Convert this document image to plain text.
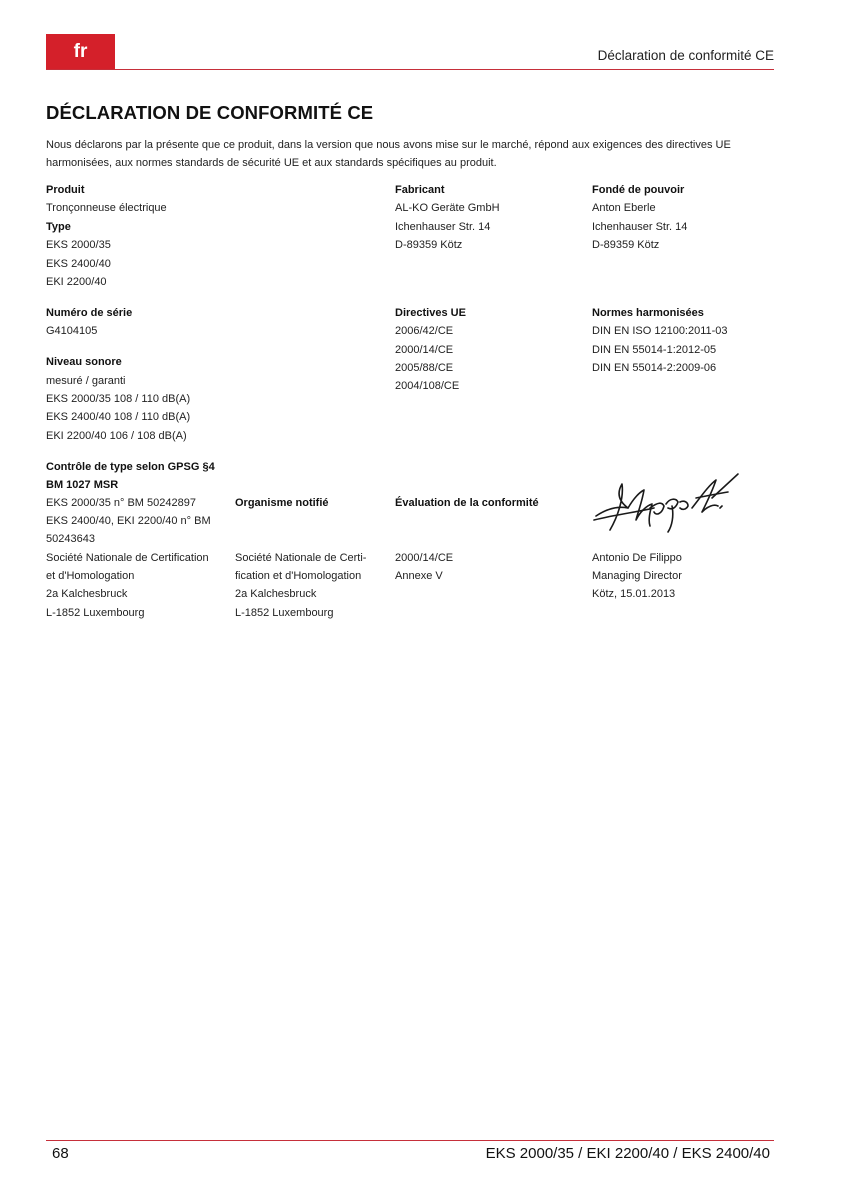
fr	Déclaration de conformité CE
DÉCLARATION DE CONFORMITÉ CE
Nous déclarons par la présente que ce produit, dans la version que nous avons mise sur le marché, répond aux exigences des directives UE harmonisées, aux normes standards de sécurité UE et aux standards spécifiques au produit.
Produit
Tronçonneuse électrique
Type
EKS 2000/35
EKS 2400/40
EKI 2200/40
Fabricant
AL-KO Geräte GmbH
Ichenhauser Str. 14
D-89359 Kötz
Fondé de pouvoir
Anton Eberle
Ichenhauser Str. 14
D-89359 Kötz
Numéro de série
G4104105
Directives UE
2006/42/CE
2000/14/CE
2005/88/CE
2004/108/CE
Normes harmonisées
DIN EN ISO 12100:2011-03
DIN EN 55014-1:2012-05
DIN EN 55014-2:2009-06
Niveau sonore
mesuré / garanti
EKS 2000/35 108 / 110 dB(A)
EKS 2400/40 108 / 110 dB(A)
EKI 2200/40 106 / 108 dB(A)
Contrôle de type selon GPSG §4
BM 1027 MSR
EKS 2000/35 n° BM 50242897
EKS 2400/40, EKI 2200/40 n° BM
50243643
Société Nationale de Certification
et d'Homologation
2a Kalchesbruck
L-1852 Luxembourg
Organisme notifié
Société Nationale de Certi-
fication et d'Homologation
2a Kalchesbruck
L-1852 Luxembourg
Évaluation de la conformité
2000/14/CE
Annexe V
Antonio De Filippo
Managing Director
Kötz, 15.01.2013
68	EKS 2000/35 / EKI 2200/40 / EKS 2400/40
